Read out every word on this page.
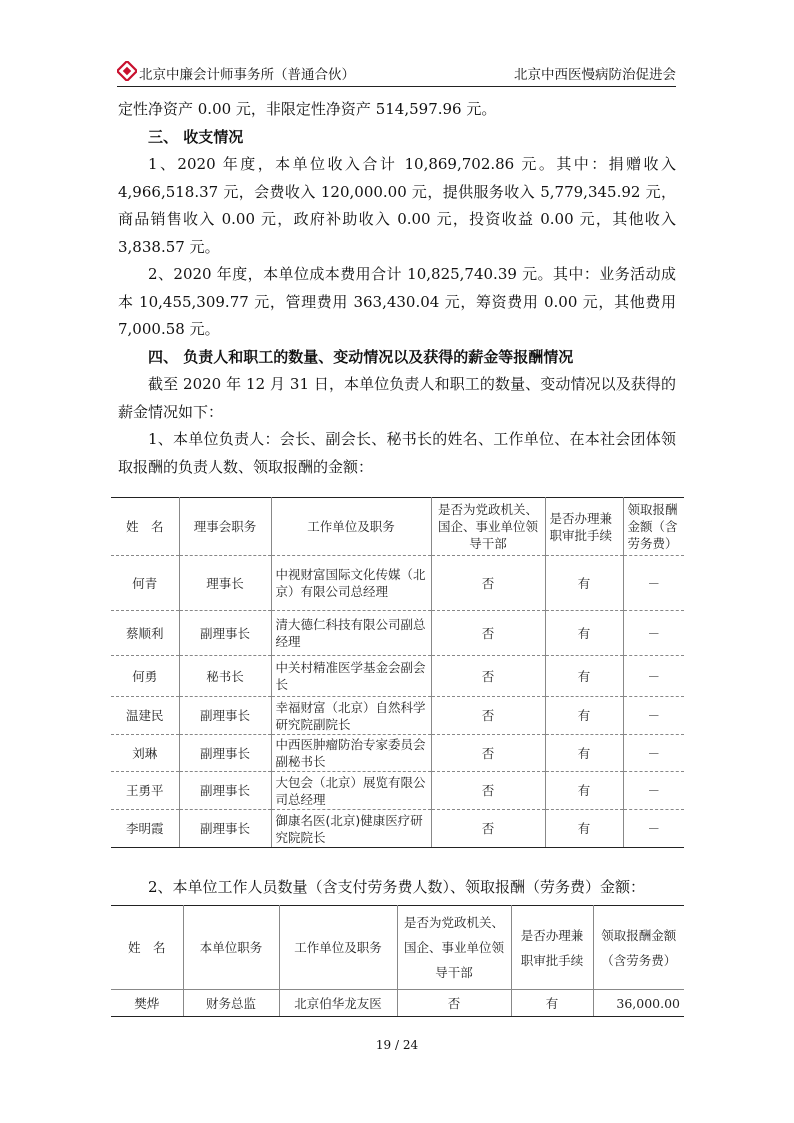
北京中廉会计师事务所（普通合伙）	北京中西医慢病防治促进会

定性净资产 0.00 元，非限定性净资产 514,597.96 元。

三、 收支情况

1、2020 年度，本单位收入合计 10,869,702.86 元。其中：捐赠收入 4,966,518.37 元，会费收入 120,000.00 元，提供服务收入 5,779,345.92 元，商品销售收入 0.00 元，政府补助收入 0.00 元，投资收益 0.00 元，其他收入 3,838.57 元。

2、2020 年度，本单位成本费用合计 10,825,740.39 元。其中：业务活动成本 10,455,309.77 元，管理费用 363,430.04 元，筹资费用 0.00 元，其他费用 7,000.58 元。

四、 负责人和职工的数量、变动情况以及获得的薪金等报酬情况

截至 2020 年 12 月 31 日，本单位负责人和职工的数量、变动情况以及获得的薪金情况如下：

1、本单位负责人：会长、副会长、秘书长的姓名、工作单位、在本社会团体领取报酬的负责人数、领取报酬的金额：

姓　名	理事会职务	工作单位及职务	是否为党政机关、国企、事业单位领导干部	是否办理兼职审批手续	领取报酬金额（含劳务费）
何青	理事长	中视财富国际文化传媒（北京）有限公司总经理	否	有	－
蔡顺利	副理事长	清大德仁科技有限公司副总经理	否	有	－
何勇	秘书长	中关村精准医学基金会副会长	否	有	－
温建民	副理事长	幸福财富（北京）自然科学研究院副院长	否	有	－
刘琳	副理事长	中西医肿瘤防治专家委员会副秘书长	否	有	－
王勇平	副理事长	大包会（北京）展览有限公司总经理	否	有	－
李明霞	副理事长	御康名医(北京)健康医疗研究院院长	否	有	－
2、本单位工作人员数量（含支付劳务费人数）、领取报酬（劳务费）金额：
姓　名	本单位职务	工作单位及职务	是否为党政机关、国企、事业单位领导干部	是否办理兼职审批手续	领取报酬金额（含劳务费）
樊烨	财务总监	北京伯华龙友医	否	有	36,000.00
19 / 24
